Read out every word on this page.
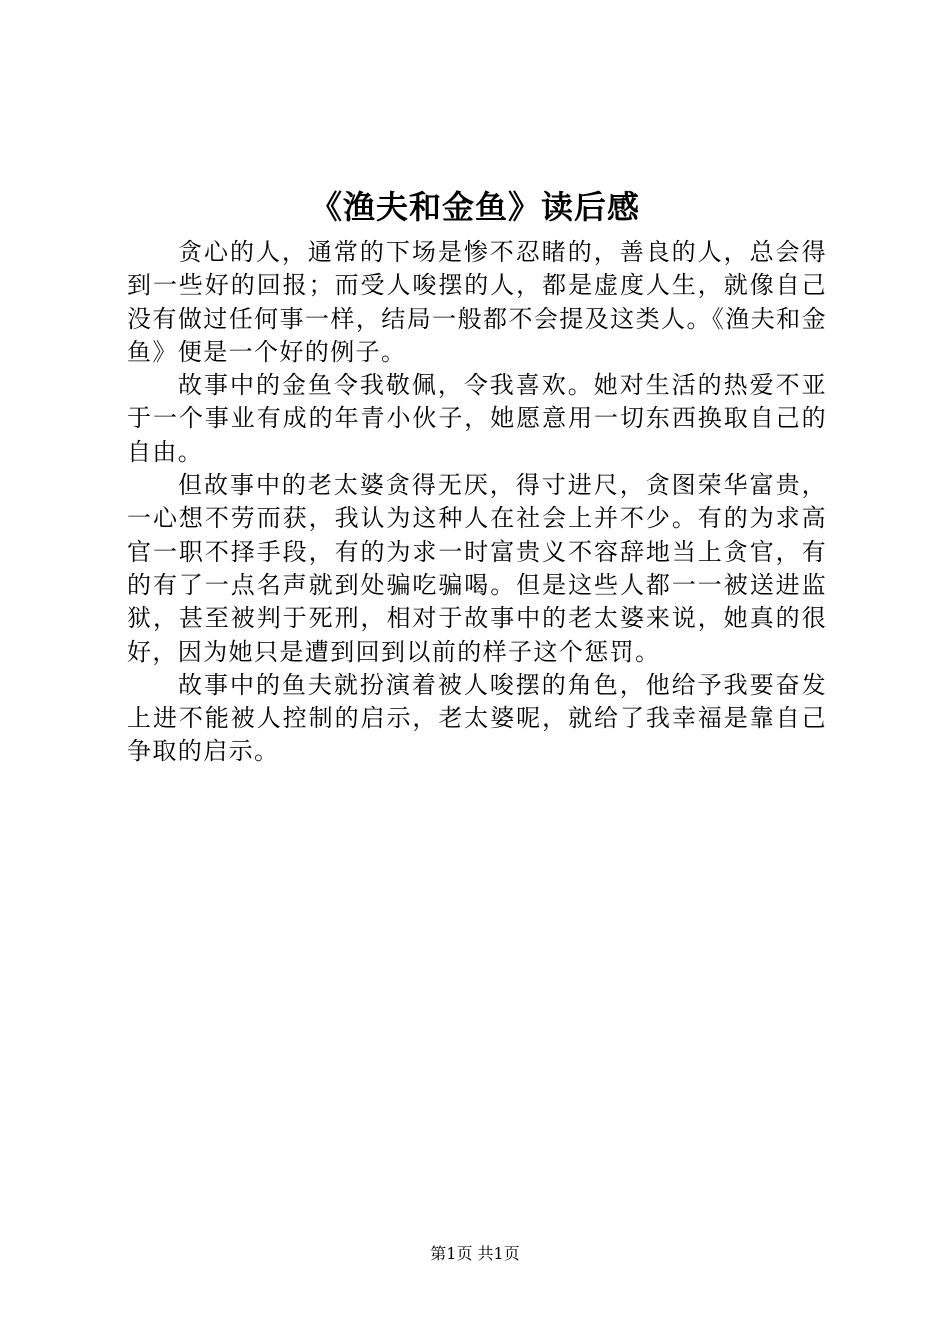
《渔夫和金鱼》读后感

贪心的人，通常的下场是惨不忍睹的，善良的人，总会得到一些好的回报；而受人唆摆的人，都是虚度人生，就像自己没有做过任何事一样，结局一般都不会提及这类人。《渔夫和金鱼》便是一个好的例子。

故事中的金鱼令我敬佩，令我喜欢。她对生活的热爱不亚于一个事业有成的年青小伙子，她愿意用一切东西换取自己的自由。

但故事中的老太婆贪得无厌，得寸进尺，贪图荣华富贵，一心想不劳而获，我认为这种人在社会上并不少。有的为求高官一职不择手段，有的为求一时富贵义不容辞地当上贪官，有的有了一点名声就到处骗吃骗喝。但是这些人都一一被送进监狱，甚至被判于死刑，相对于故事中的老太婆来说，她真的很好，因为她只是遭到回到以前的样子这个惩罚。

故事中的鱼夫就扮演着被人唆摆的角色，他给予我要奋发上进不能被人控制的启示，老太婆呢，就给了我幸福是靠自己争取的启示。

第1页 共1页
